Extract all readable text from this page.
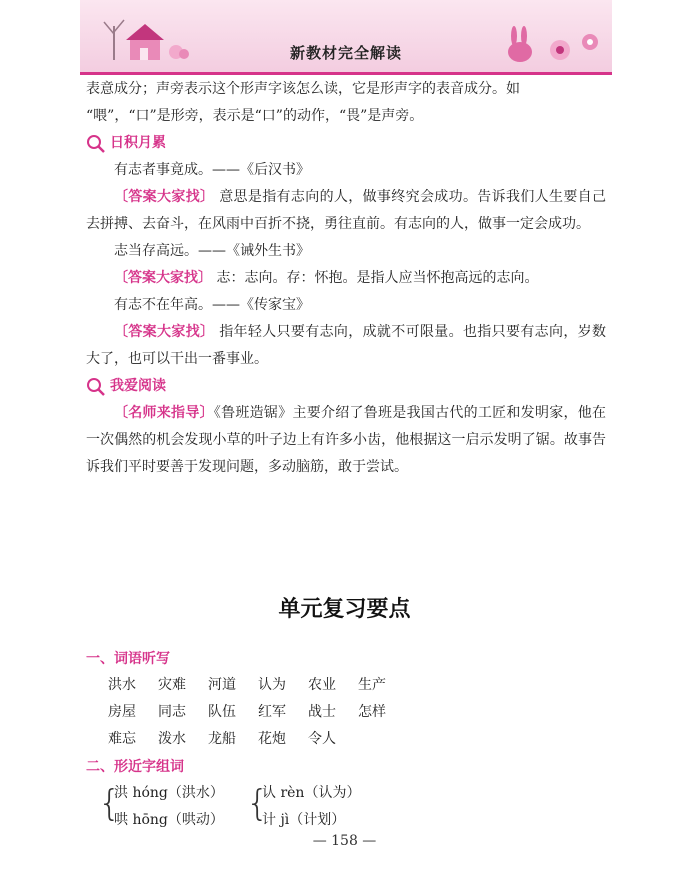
新教材完全解读

表意成分；声旁表示这个形声字该怎么读，它是形声字的表音成分。如

“喂”，“口”是形旁，表示是“口”的动作，“畏”是声旁。

日积月累

有志者事竟成。——《后汉书》

〔答案大家找〕 意思是指有志向的人，做事终究会成功。告诉我们人生要自己去拼搏、去奋斗，在风雨中百折不挠，勇往直前。有志向的人，做事一定会成功。

志当存高远。——《诫外生书》

〔答案大家找〕 志：志向。存：怀抱。是指人应当怀抱高远的志向。

有志不在年高。——《传家宝》

〔答案大家找〕 指年轻人只要有志向，成就不可限量。也指只要有志向，岁数大了，也可以干出一番事业。

我爱阅读

〔名师来指导〕《鲁班造锯》主要介绍了鲁班是我国古代的工匠和发明家，他在一次偶然的机会发现小草的叶子边上有许多小齿，他根据这一启示发明了锯。故事告诉我们平时要善于发现问题，多动脑筋，敢于尝试。

单元复习要点
一、词语听写
洪水 灾难 河道 认为 农业 生产
房屋 同志 队伍 红军 战士 怎样
难忘 泼水 龙船 花炮 令人
二、形近字组词
{
洪 hóng（洪水）
哄 hōng（哄动） {
认 rèn（认为）
计 jì（计划）
— 158 —
